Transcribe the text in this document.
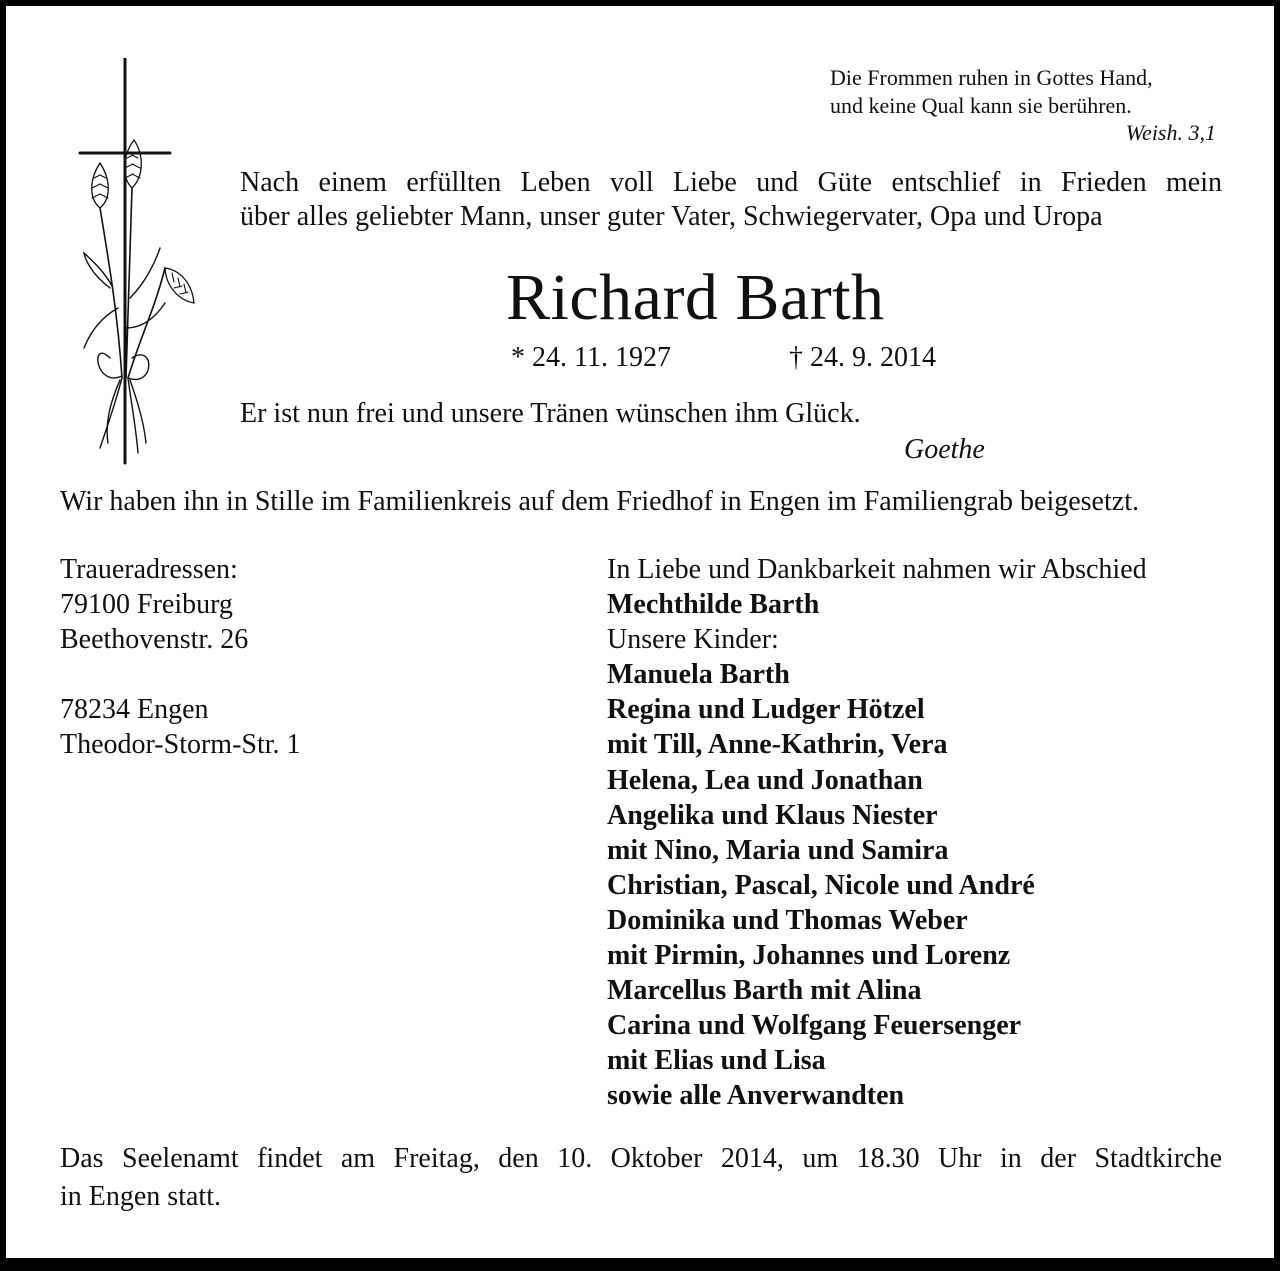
Die Frommen ruhen in Gottes Hand,
und keine Qual kann sie berühren.
Weish. 3,1
Nach einem erfüllten Leben voll Liebe und Güte entschlief in Frieden mein
über alles geliebter Mann, unser guter Vater, Schwiegervater, Opa und Uropa
Richard Barth
* 24. 11. 1927	† 24. 9. 2014
Er ist nun frei und unsere Tränen wünschen ihm Glück.
Goethe
Wir haben ihn in Stille im Familienkreis auf dem Friedhof in Engen im Familiengrab beigesetzt.
Traueradressen:
79100 Freiburg
Beethovenstr. 26
78234 Engen
Theodor-Storm-Str. 1
In Liebe und Dankbarkeit nahmen wir Abschied
Mechthilde Barth
Unsere Kinder:
Manuela Barth
Regina und Ludger Hötzel
mit Till, Anne-Kathrin, Vera
Helena, Lea und Jonathan
Angelika und Klaus Niester
mit Nino, Maria und Samira
Christian, Pascal, Nicole und André
Dominika und Thomas Weber
mit Pirmin, Johannes und Lorenz
Marcellus Barth mit Alina
Carina und Wolfgang Feuersenger
mit Elias und Lisa
sowie alle Anverwandten
Das Seelenamt findet am Freitag, den 10. Oktober 2014, um 18.30 Uhr in der Stadtkirche
in Engen statt.
